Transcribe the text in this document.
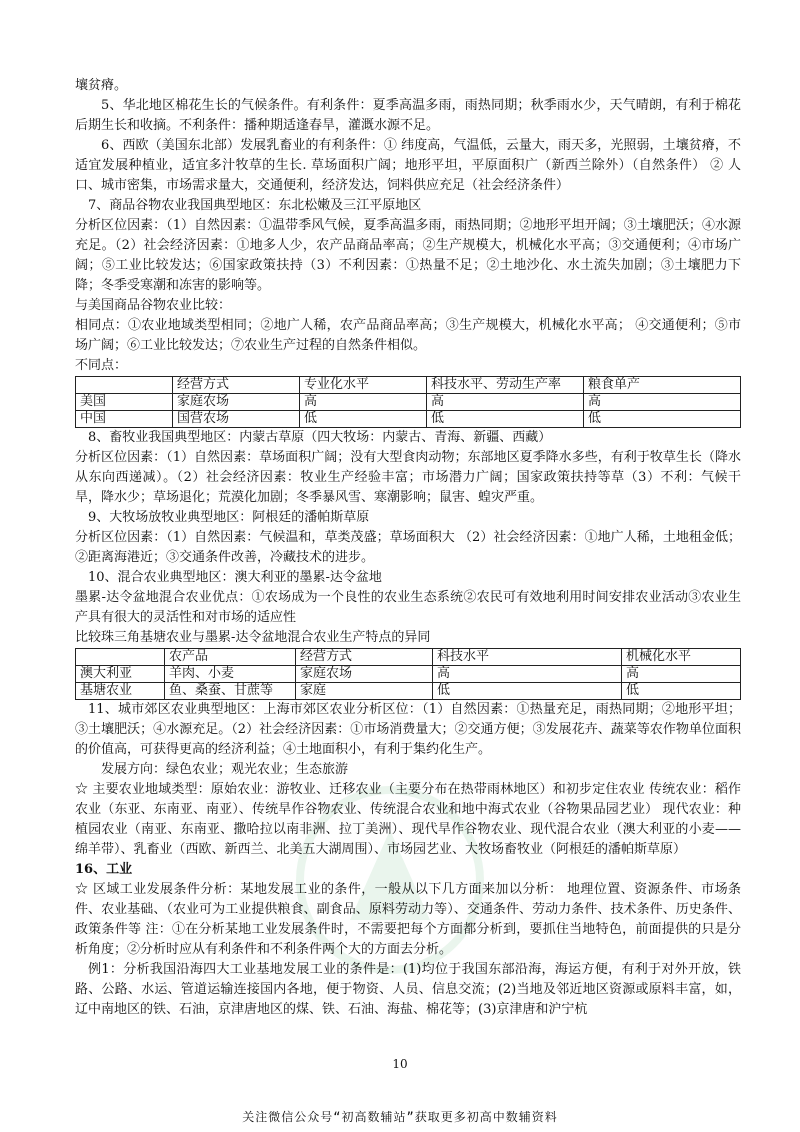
壤贫瘠。

5、华北地区棉花生长的气候条件。有利条件：夏季高温多雨，雨热同期；秋季雨水少，天气晴朗，有利于棉花后期生长和收摘。不利条件：播种期适逢春旱，灌溉水源不足。

6、西欧（美国东北部）发展乳畜业的有利条件：① 纬度高，气温低，云量大，雨天多，光照弱，土壤贫瘠，不适宜发展种植业，适宜多汁牧草的生长. 草场面积广阔；地形平坦，平原面积广（新西兰除外）（自然条件） ② 人口、城市密集，市场需求量大，交通便利，经济发达，饲料供应充足（社会经济条件）

7、商品谷物农业我国典型地区：东北松嫩及三江平原地区

分析区位因素：（1）自然因素：①温带季风气候，夏季高温多雨，雨热同期；②地形平坦开阔；③土壤肥沃；④水源充足。（2）社会经济因素：①地多人少，农产品商品率高；②生产规模大，机械化水平高；③交通便利；④市场广阔；⑤工业比较发达；⑥国家政策扶持（3）不利因素：①热量不足；②土地沙化、水土流失加剧；③土壤肥力下降；冬季受寒潮和冻害的影响等。

与美国商品谷物农业比较：

相同点：①农业地域类型相同；②地广人稀，农产品商品率高；③生产规模大，机械化水平高； ④交通便利；⑤市场广阔；⑥工业比较发达；⑦农业生产过程的自然条件相似。

不同点：

	经营方式	专业化水平	科技水平、劳动生产率	粮食单产
美国	家庭农场	高	高	高
中国	国营农场	低	低	低

8、畜牧业我国典型地区：内蒙古草原（四大牧场：内蒙古、青海、新疆、西藏）

分析区位因素：（1）自然因素：草场面积广阔；没有大型食肉动物；东部地区夏季降水多些，有利于牧草生长（降水从东向西递减）。（2）社会经济因素：牧业生产经验丰富；市场潜力广阔；国家政策扶持等草（3）不利：气候干旱，降水少；草场退化；荒漠化加剧；冬季暴风雪、寒潮影响；鼠害、蝗灾严重。

9、大牧场放牧业典型地区：阿根廷的潘帕斯草原

分析区位因素：（1）自然因素：气候温和，草类茂盛；草场面积大 （2）社会经济因素：①地广人稀，土地租金低；②距离海港近；③交通条件改善，冷藏技术的进步。

10、混合农业典型地区：澳大利亚的墨累-达令盆地

墨累-达令盆地混合农业优点：①农场成为一个良性的农业生态系统②农民可有效地利用时间安排农业活动③农业生产具有很大的灵活性和对市场的适应性

比较珠三角基塘农业与墨累-达令盆地混合农业生产特点的异同

	农产品	经营方式	科技水平	机械化水平
澳大利亚	羊肉、小麦	家庭农场	高	高
基塘农业	鱼、桑蚕、甘蔗等	家庭	低	低

11、城市郊区农业典型地区：上海市郊区农业分析区位：（1）自然因素：①热量充足，雨热同期；②地形平坦；③土壤肥沃；④水源充足。（2）社会经济因素：①市场消费量大；②交通方便；③发展花卉、蔬菜等农作物单位面积的价值高，可获得更高的经济利益；④土地面积小，有利于集约化生产。

发展方向：绿色农业；观光农业；生态旅游

☆ 主要农业地域类型：原始农业：游牧业、迁移农业（主要分布在热带雨林地区）和初步定住农业 传统农业：稻作农业（东亚、东南亚、南亚）、传统旱作谷物农业、传统混合农业和地中海式农业（谷物果品园艺业） 现代农业：种植园农业（南亚、东南亚、撒哈拉以南非洲、拉丁美洲）、现代旱作谷物农业、现代混合农业（澳大利亚的小麦——绵羊带）、乳畜业（西欧、新西兰、北美五大湖周围）、市场园艺业、大牧场畜牧业（阿根廷的潘帕斯草原）

16、工业

☆ 区域工业发展条件分析：某地发展工业的条件，一般从以下几方面来加以分析： 地理位置、资源条件、市场条件、农业基础、（农业可为工业提供粮食、副食品、原料劳动力等）、交通条件、劳动力条件、技术条件、历史条件、政策条件等 注：①在分析某地工业发展条件时，不需要把每个方面都分析到，要抓住当地特色，前面提供的只是分析角度；②分析时应从有利条件和不利条件两个大的方面去分析。

例1：分析我国沿海四大工业基地发展工业的条件是：(1)均位于我国东部沿海，海运方便，有利于对外开放，铁路、公路、水运、管道运输连接国内各地，便于物资、人员、信息交流；(2)当地及邻近地区资源或原料丰富，如，辽中南地区的铁、石油，京津唐地区的煤、铁、石油、海盐、棉花等；(3)京津唐和沪宁杭

10
关注微信公众号“初高数辅站”获取更多初高中数辅资料
